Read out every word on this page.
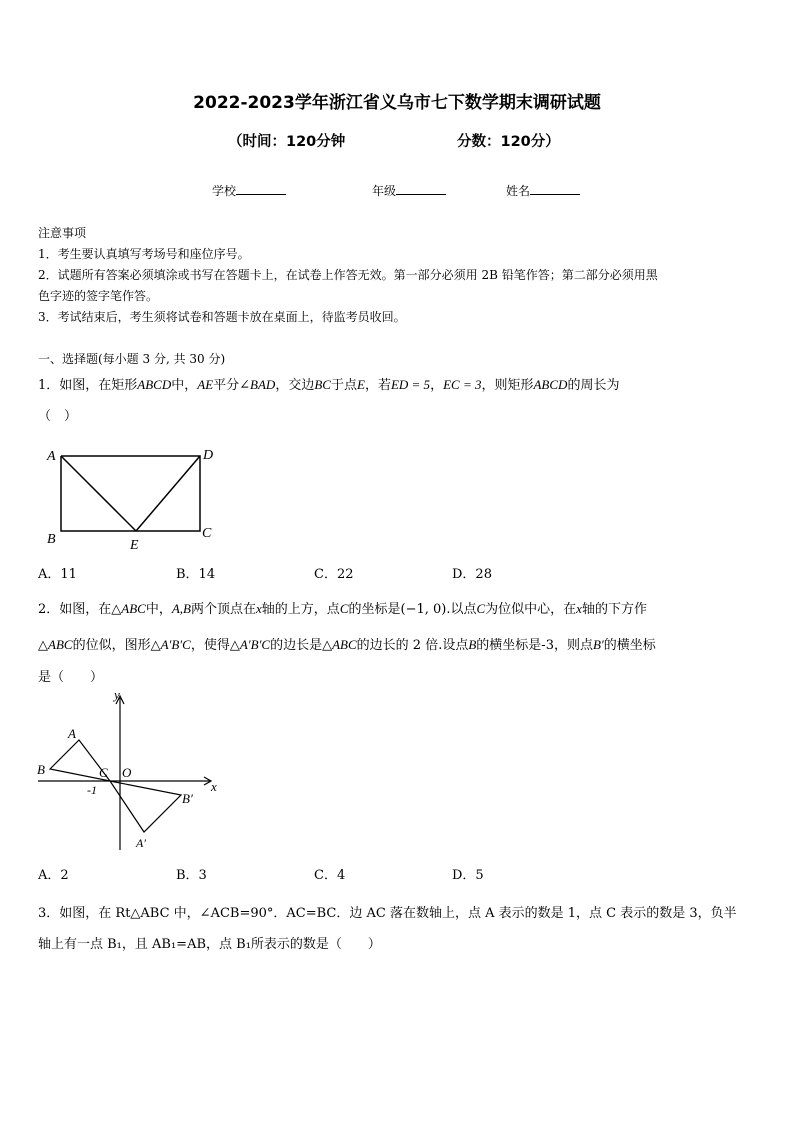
2022-2023学年浙江省义乌市七下数学期末调研试题
（时间：120分钟	分数：120分）
学校	年级	姓名
注意事项
1．考生要认真填写考场号和座位序号。
2．试题所有答案必须填涂或书写在答题卡上，在试卷上作答无效。第一部分必须用 2B 铅笔作答；第二部分必须用黑
色字迹的签字笔作答。
3．考试结束后，考生须将试卷和答题卡放在桌面上，待监考员收回。
一、选择题(每小题 3 分, 共 30 分)
1．如图，在矩形ABCD中，AE平分∠BAD，交边BC于点E，若ED = 5，EC = 3，则矩形ABCD的周长为
（　）
A	D
B	C
E
A．11	B．14	C．22	D．28
2．如图，在△ABC中，A,B两个顶点在x轴的上方，点C的坐标是(−1, 0).以点C为位似中心，在x轴的下方作
△ABC的位似，图形△A′B′C，使得△A′B′C的边长是△ABC的边长的 2 倍.设点B的横坐标是-3，则点B′的横坐标
是（　　）
y
x
A
B	C O
-1
B′
A′
A．2	B．3	C．4	D．5
3．如图，在 Rt△ABC 中，∠ACB=90°．AC=BC．边 AC 落在数轴上，点 A 表示的数是 1，点 C 表示的数是 3，负半
轴上有一点 B₁，且 AB₁=AB，点 B₁所表示的数是（　　）
